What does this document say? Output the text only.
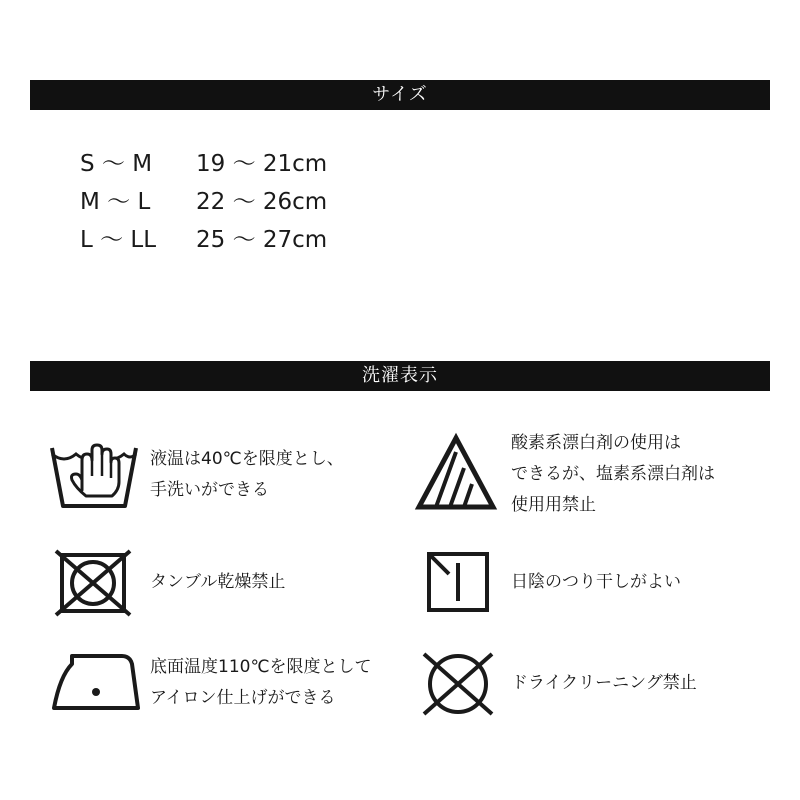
サイズ
S 〜 M	19 〜 21cm
M 〜 L	22 〜 26cm
L 〜 LL	25 〜 27cm
洗濯表示
液温は40℃を限度とし、
手洗いができる
酸素系漂白剤の使用は
できるが、塩素系漂白剤は
使用用禁止
タンブル乾燥禁止	日陰のつり干しがよい
底面温度110℃を限度として
アイロン仕上げができる
ドライクリーニング禁止
